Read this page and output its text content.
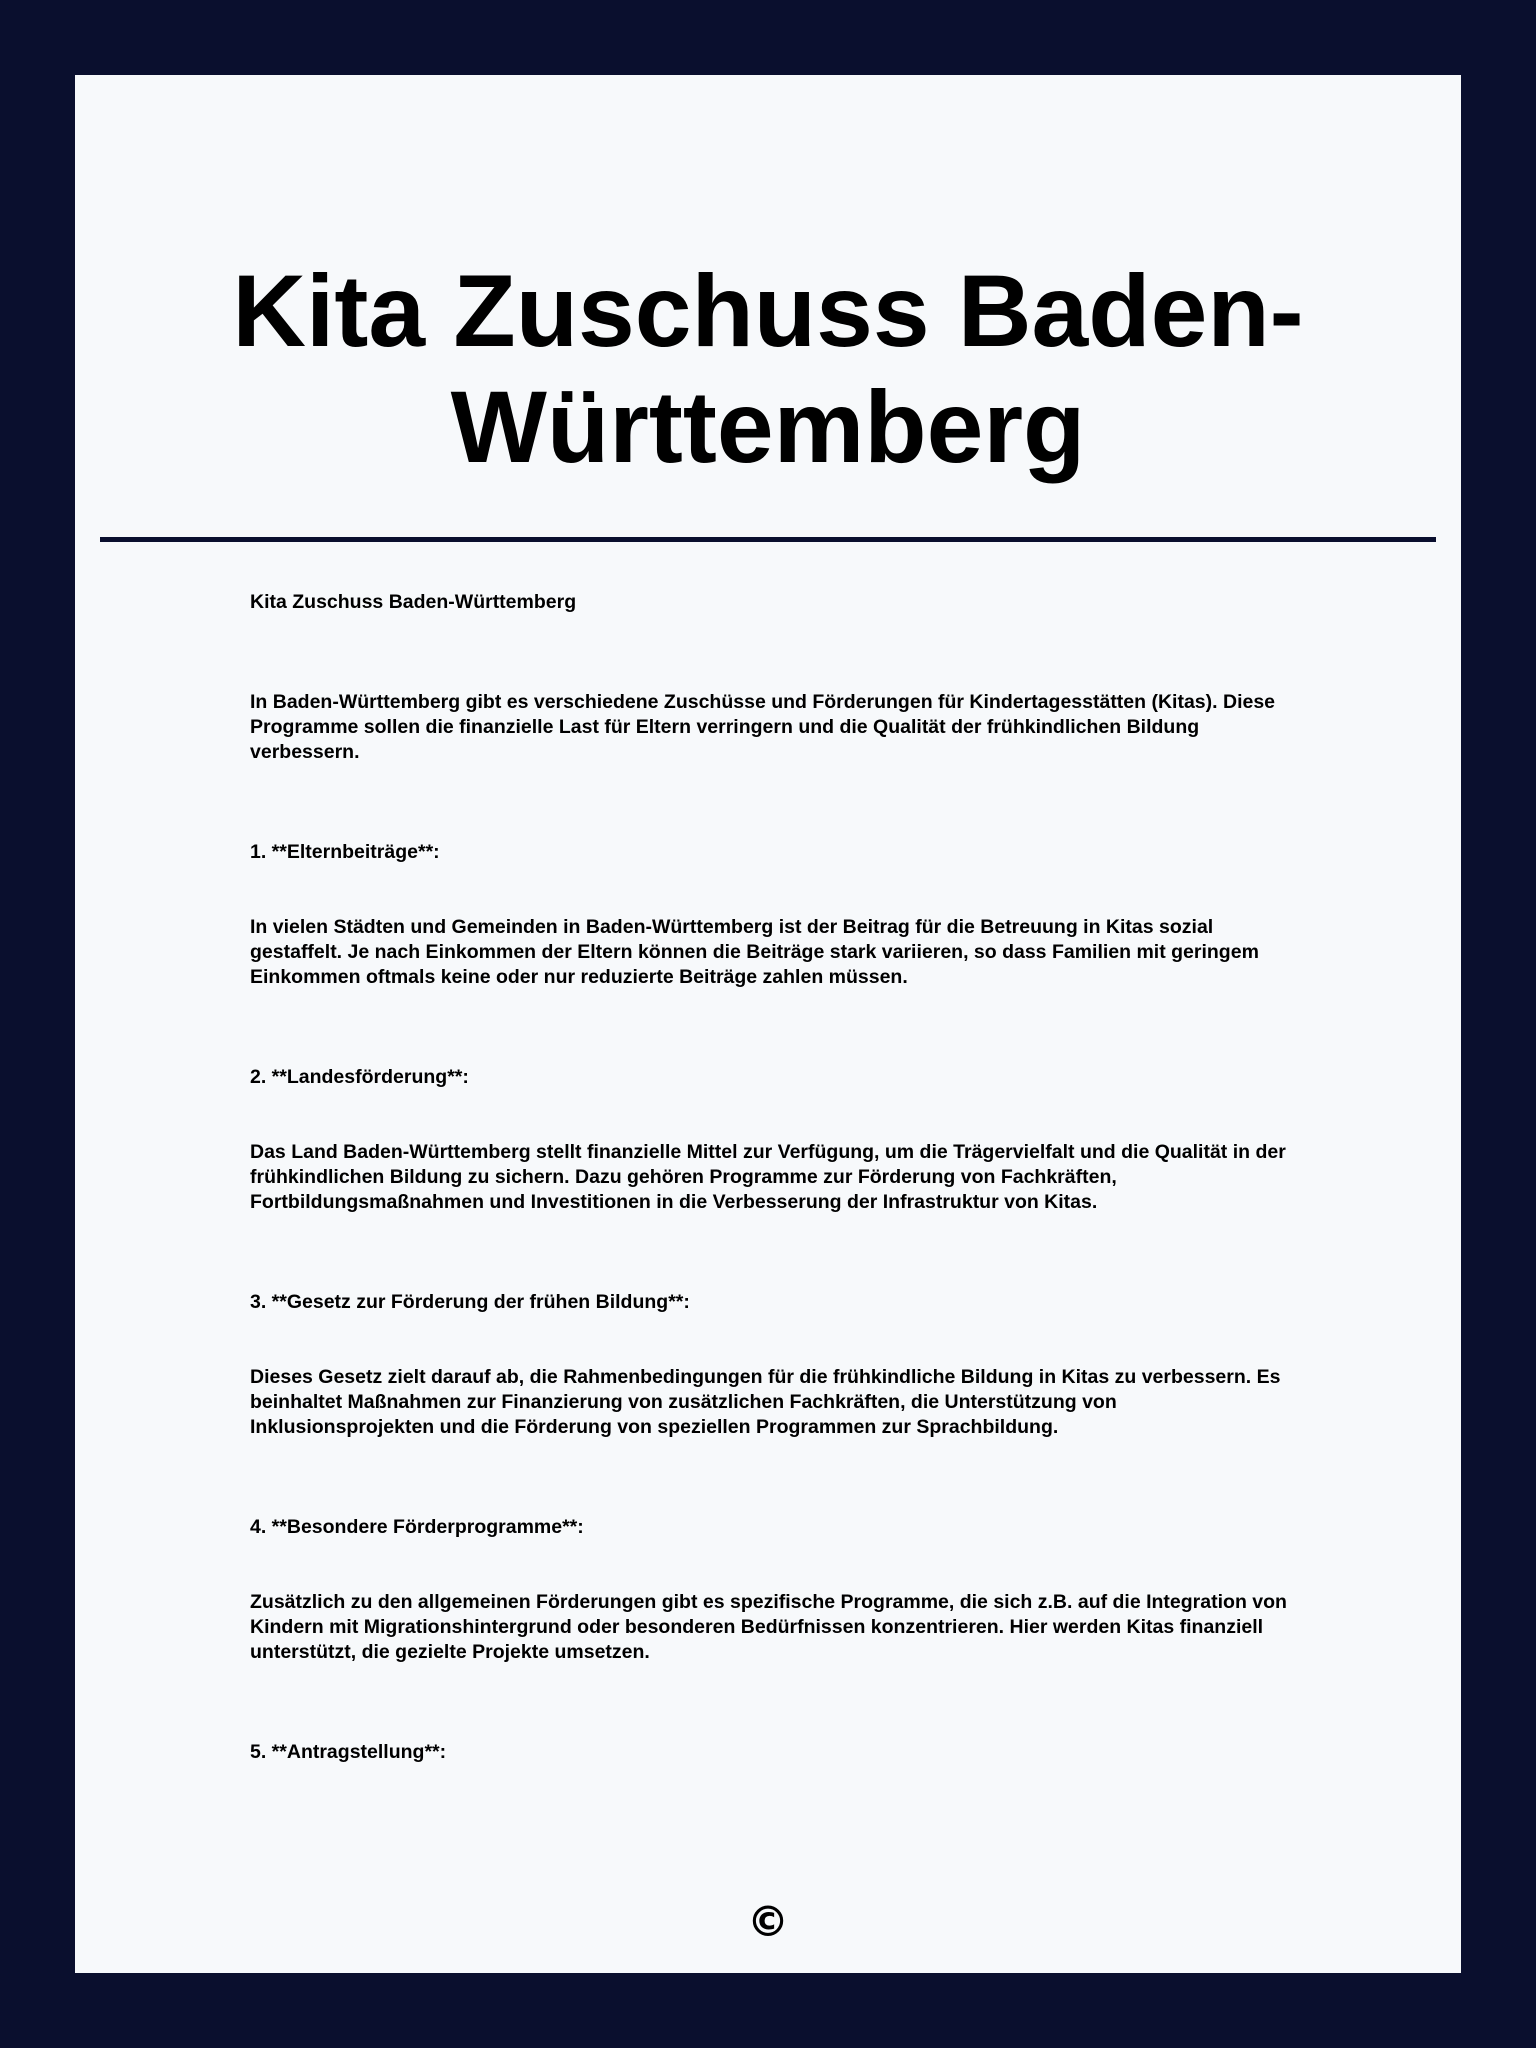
Kita Zuschuss Baden-Württemberg

Kita Zuschuss Baden-Württemberg

In Baden-Württemberg gibt es verschiedene Zuschüsse und Förderungen für Kindertagesstätten (Kitas). Diese Programme sollen die finanzielle Last für Eltern verringern und die Qualität der frühkindlichen Bildung verbessern.

1. **Elternbeiträge**:

In vielen Städten und Gemeinden in Baden-Württemberg ist der Beitrag für die Betreuung in Kitas sozial gestaffelt. Je nach Einkommen der Eltern können die Beiträge stark variieren, so dass Familien mit geringem Einkommen oftmals keine oder nur reduzierte Beiträge zahlen müssen.

2. **Landesförderung**:

Das Land Baden-Württemberg stellt finanzielle Mittel zur Verfügung, um die Trägervielfalt und die Qualität in der frühkindlichen Bildung zu sichern. Dazu gehören Programme zur Förderung von Fachkräften, Fortbildungsmaßnahmen und Investitionen in die Verbesserung der Infrastruktur von Kitas.

3. **Gesetz zur Förderung der frühen Bildung**:

Dieses Gesetz zielt darauf ab, die Rahmenbedingungen für die frühkindliche Bildung in Kitas zu verbessern. Es beinhaltet Maßnahmen zur Finanzierung von zusätzlichen Fachkräften, die Unterstützung von Inklusionsprojekten und die Förderung von speziellen Programmen zur Sprachbildung.

4. **Besondere Förderprogramme**:

Zusätzlich zu den allgemeinen Förderungen gibt es spezifische Programme, die sich z.B. auf die Integration von Kindern mit Migrationshintergrund oder besonderen Bedürfnissen konzentrieren. Hier werden Kitas finanziell unterstützt, die gezielte Projekte umsetzen.

5. **Antragstellung**:

©
